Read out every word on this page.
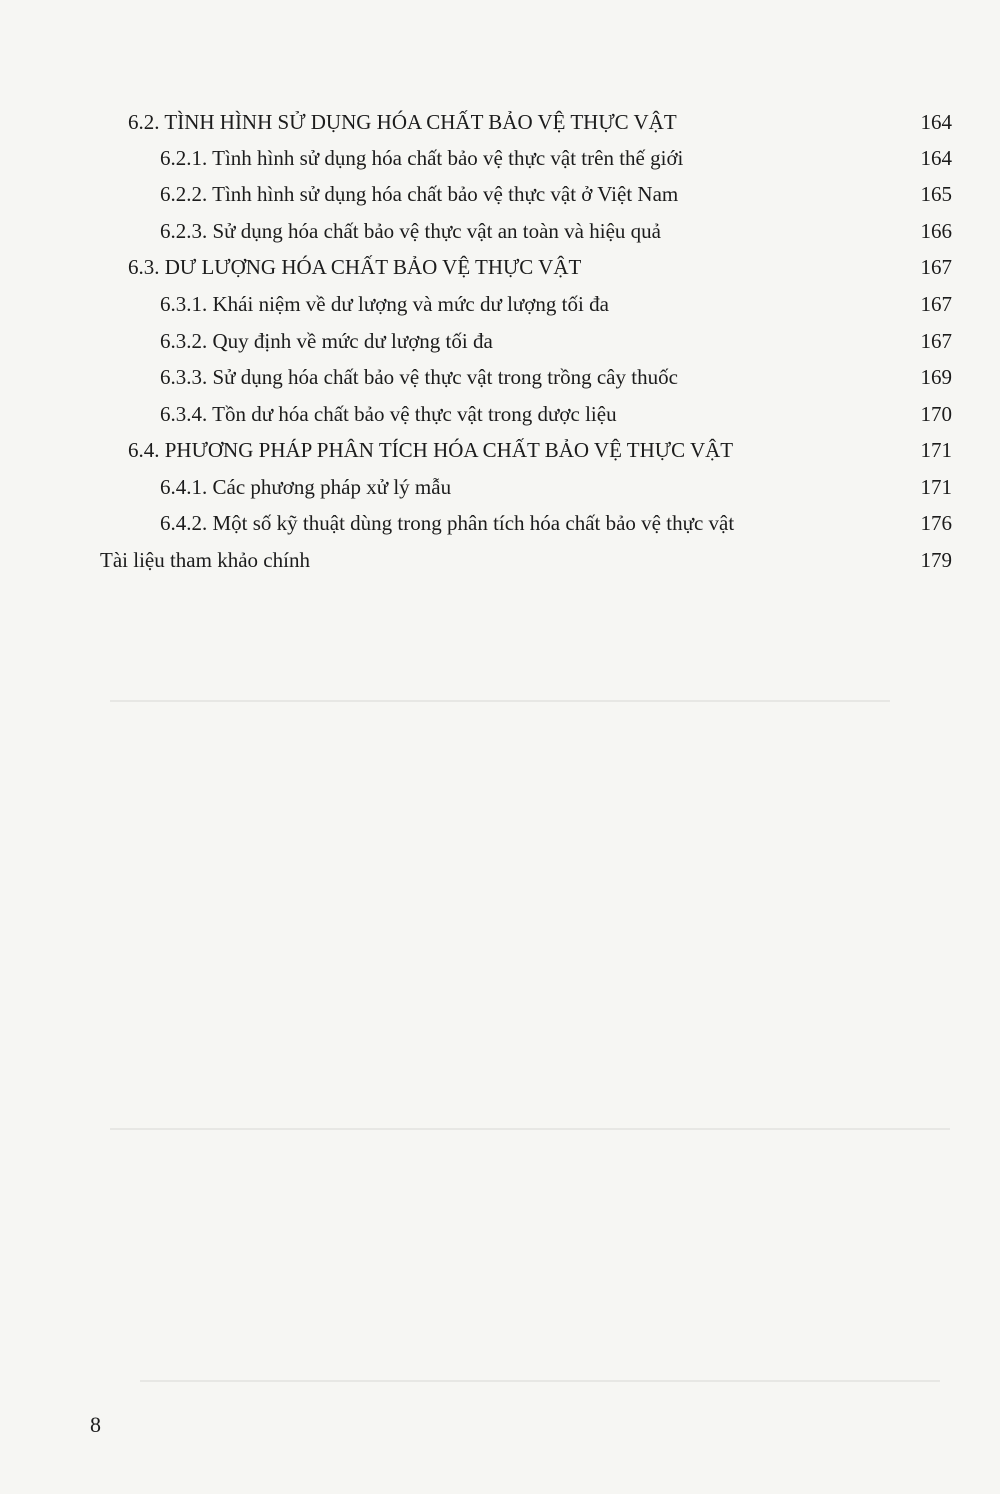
6.2. TÌNH HÌNH SỬ DỤNG HÓA CHẤT BẢO VỆ THỰC VẬT	164
6.2.1. Tình hình sử dụng hóa chất bảo vệ thực vật trên thế giới	164
6.2.2. Tình hình sử dụng hóa chất bảo vệ thực vật ở Việt Nam	165
6.2.3. Sử dụng hóa chất bảo vệ thực vật an toàn và hiệu quả	166
6.3. DƯ LƯỢNG HÓA CHẤT BẢO VỆ THỰC VẬT	167
6.3.1. Khái niệm về dư lượng và mức dư lượng tối đa	167
6.3.2. Quy định về mức dư lượng tối đa	167
6.3.3. Sử dụng hóa chất bảo vệ thực vật trong trồng cây thuốc	169
6.3.4. Tồn dư hóa chất bảo vệ thực vật trong dược liệu	170
6.4. PHƯƠNG PHÁP PHÂN TÍCH HÓA CHẤT BẢO VỆ THỰC VẬT	171
6.4.1. Các phương pháp xử lý mẫu	171
6.4.2. Một số kỹ thuật dùng trong phân tích hóa chất bảo vệ thực vật	176
Tài liệu tham khảo chính	179
8
